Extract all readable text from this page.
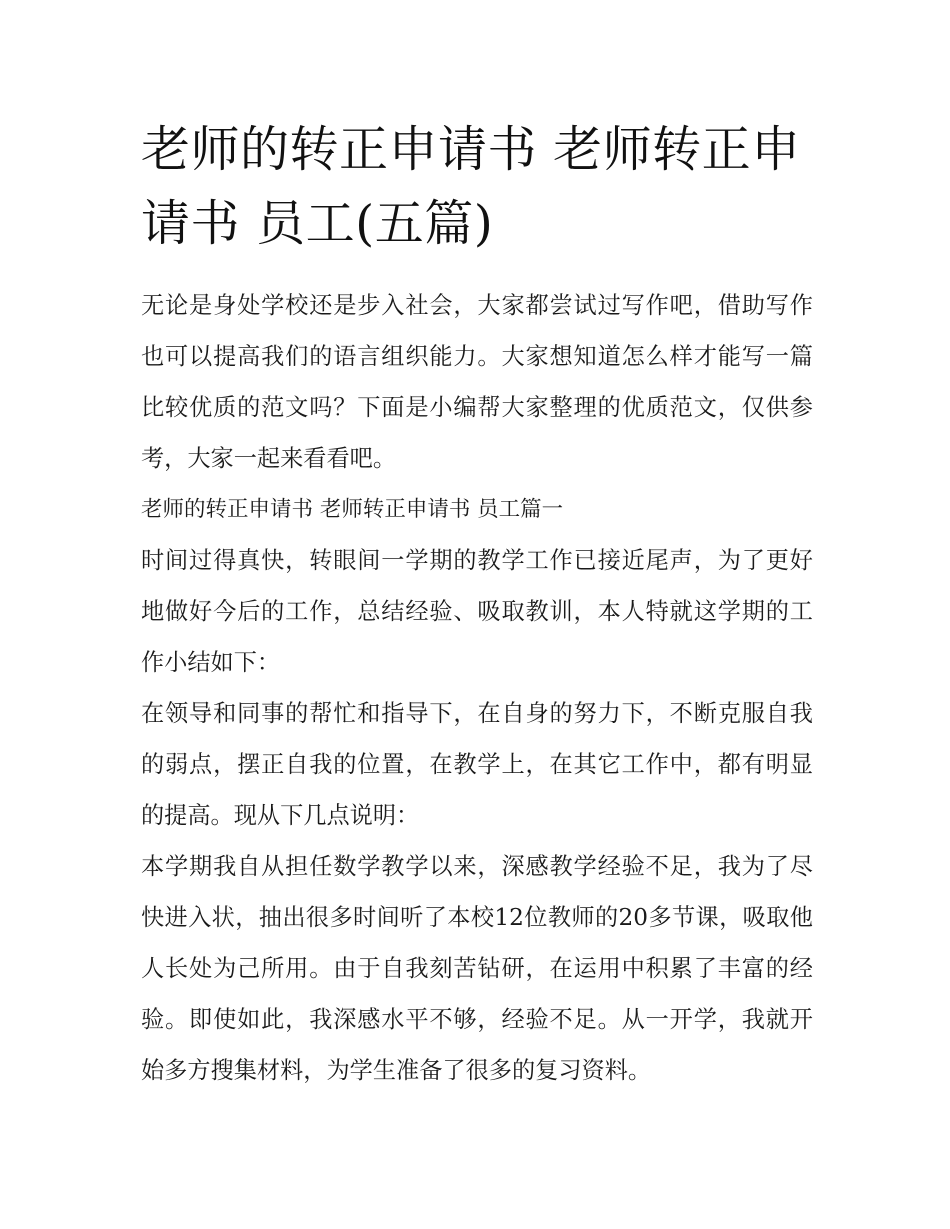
老师的转正申请书 老师转正申请书 员工(五篇)

无论是身处学校还是步入社会，大家都尝试过写作吧，借助写作也可以提高我们的语言组织能力。大家想知道怎么样才能写一篇比较优质的范文吗？下面是小编帮大家整理的优质范文，仅供参考，大家一起来看看吧。

老师的转正申请书 老师转正申请书 员工篇一

时间过得真快，转眼间一学期的教学工作已接近尾声，为了更好地做好今后的工作，总结经验、吸取教训，本人特就这学期的工作小结如下：

在领导和同事的帮忙和指导下，在自身的努力下，不断克服自我的弱点，摆正自我的位置，在教学上，在其它工作中，都有明显的提高。现从下几点说明：

本学期我自从担任数学教学以来，深感教学经验不足，我为了尽快进入状，抽出很多时间听了本校12位教师的20多节课，吸取他人长处为己所用。由于自我刻苦钻研，在运用中积累了丰富的经验。即使如此，我深感水平不够，经验不足。从一开学，我就开始多方搜集材料，为学生准备了很多的复习资料。
